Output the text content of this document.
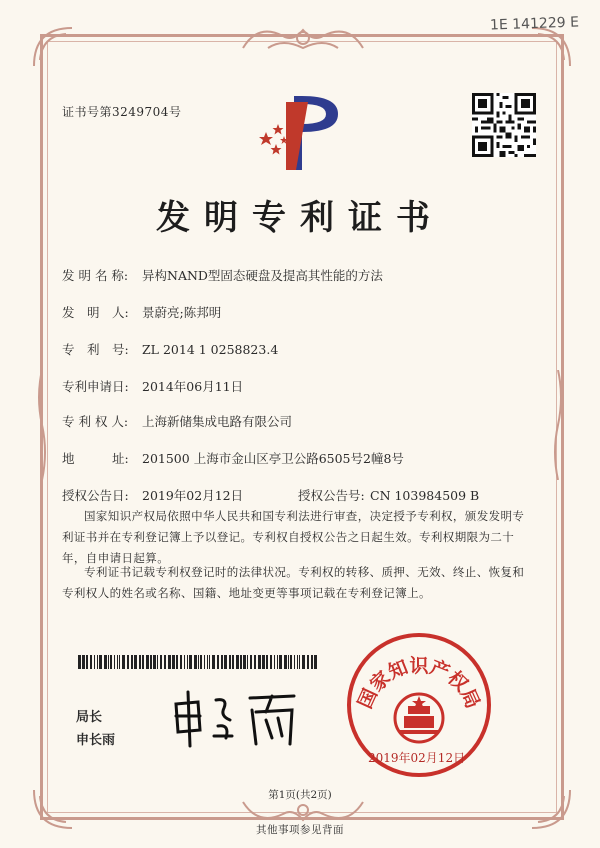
1E 141229 E
证书号第3249704号
发明专利证书
发 明 名 称: 异构NAND型固态硬盘及提高其性能的方法
发　明　人: 景蔚亮;陈邦明
专　利　号: ZL 2014 1 0258823.4
专利申请日: 2014年06月11日
专 利 权 人: 上海新储集成电路有限公司
地　　　址: 201500 上海市金山区亭卫公路6505号2幢8号
授权公告日: 2019年02月12日	授权公告号: CN 103984509 B
国家知识产权局依照中华人民共和国专利法进行审查，决定授予专利权，颁发发明专利证书并在专利登记簿上予以登记。专利权自授权公告之日起生效。专利权期限为二十年，自申请日起算。
专利证书记载专利权登记时的法律状况。专利权的转移、质押、无效、终止、恢复和专利权人的姓名或名称、国籍、地址变更等事项记载在专利登记簿上。
局长
申长雨
国家知识产权局
2019年02月12日
第1页(共2页)
其他事项参见背面
